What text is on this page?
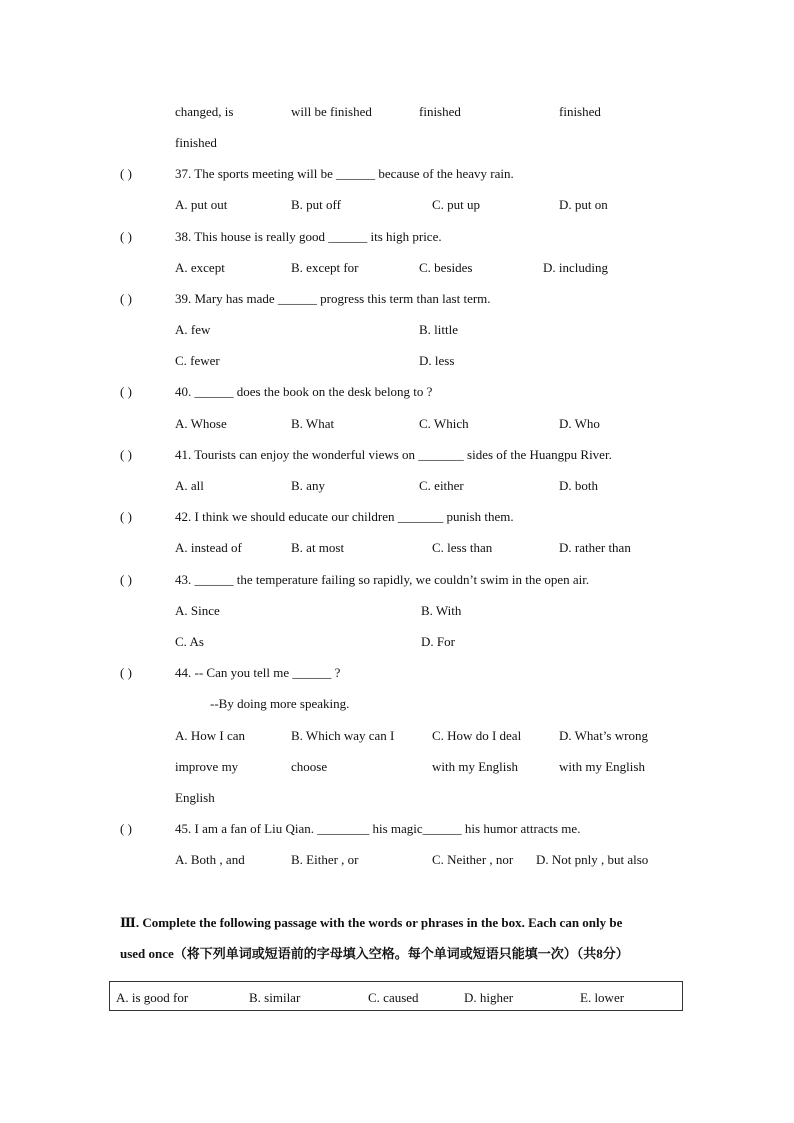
changed, is	will be finished	finished	finished
finished
( )	37. The sports meeting will be ______ because of the heavy rain.
A. put out	B. put off	C. put up	D. put on
( )	38. This house is really good ______ its high price.
A. except	B. except for	C. besides	D. including
( )	39. Mary has made ______ progress this term than last term.
A. few	B. little
C. fewer	D. less
( )	40. ______ does the book on the desk belong to ?
A. Whose	B. What	C. Which	D. Who
( )	41. Tourists can enjoy the wonderful views on _______ sides of the Huangpu River.
A. all	B. any	C. either	D. both
( )	42. I think we should educate our children _______ punish them.
A. instead of	B. at most	C. less than	D. rather than
( )	43. ______ the temperature failing so rapidly, we couldn’t swim in the open air.
A. Since	B. With
C. As	D. For
( )	44. -- Can you tell me ______ ?
--By doing more speaking.
A. How I can	B. Which way can I	C. How do I deal	D. What’s wrong
improve my	choose	with my English	with my English
English
( )	45. I am a fan of Liu Qian. ________ his magic______ his humor attracts me.
A. Both , and	B. Either , or	C. Neither , nor D. Not pnly , but also
Ⅲ. Complete the following passage with the words or phrases in the box. Each can only be
used once（将下列单词或短语前的字母填入空格。每个单词或短语只能填一次）（共8分）
A. is good for	B. similar	C. caused	D. higher	E. lower
